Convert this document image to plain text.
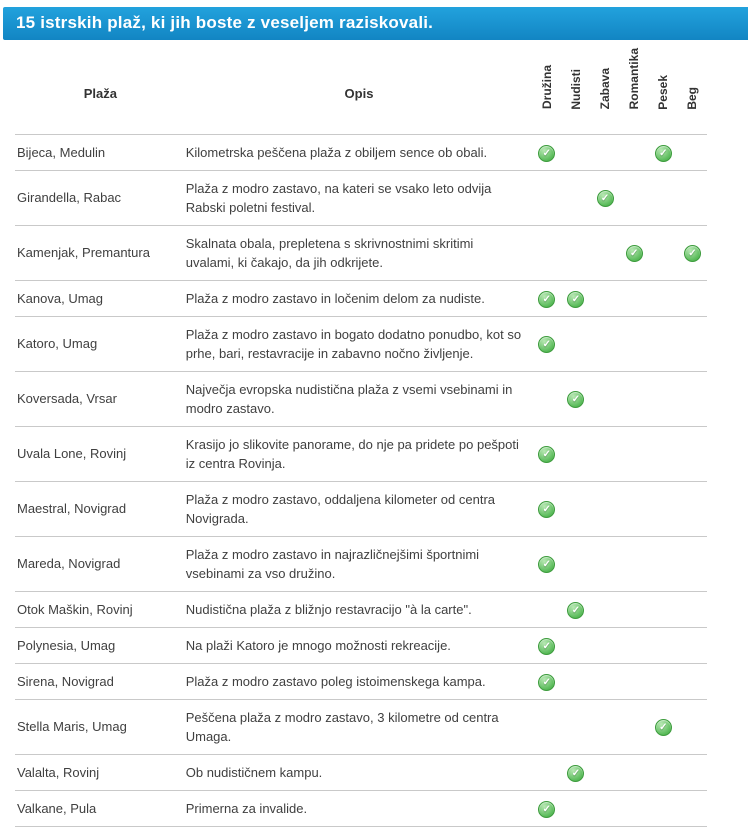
15 istrskih plaž, ki jih boste z veseljem raziskovali.
Plaža	Opis	Družina	Nudisti	Zabava	Romantika	Pesek	Beg
Bijeca, Medulin	Kilometrska peščena plaža z obiljem sence ob obali.	✓				✓	

Girandella, Rabac	Plaža z modro zastavo, na kateri se vsako leto odvija Rabski poletni festival.			✓			

Kamenjak, Premantura	Skalnata obala, prepletena s skrivnostnimi skritimi uvalami, ki čakajo, da jih odkrijete.				✓		✓

Kanova, Umag	Plaža z modro zastavo in ločenim delom za nudiste.	✓	✓				

Katoro, Umag	Plaža z modro zastavo in bogato dodatno ponudbo, kot so prhe, bari, restavracije in zabavno nočno življenje.	✓					

Koversada, Vrsar	Največja evropska nudistična plaža z vsemi vsebinami in modro zastavo.		✓				

Uvala Lone, Rovinj	Krasijo jo slikovite panorame, do nje pa pridete po pešpoti iz centra Rovinja.	✓					

Maestral, Novigrad	Plaža z modro zastavo, oddaljena kilometer od centra Novigrada.	✓					

Mareda, Novigrad	Plaža z modro zastavo in najrazličnejšimi športnimi vsebinami za vso družino.	✓					

Otok Maškin, Rovinj	Nudistična plaža z bližnjo restavracijo "à la carte".		✓				

Polynesia, Umag	Na plaži Katoro je mnogo možnosti rekreacije.	✓					

Sirena, Novigrad	Plaža z modro zastavo poleg istoimenskega kampa.	✓					

Stella Maris, Umag	Peščena plaža z modro zastavo, 3 kilometre od centra Umaga.					✓	

Valalta, Rovinj	Ob nudističnem kampu.		✓				

Valkane, Pula	Primerna za invalide.	✓					
